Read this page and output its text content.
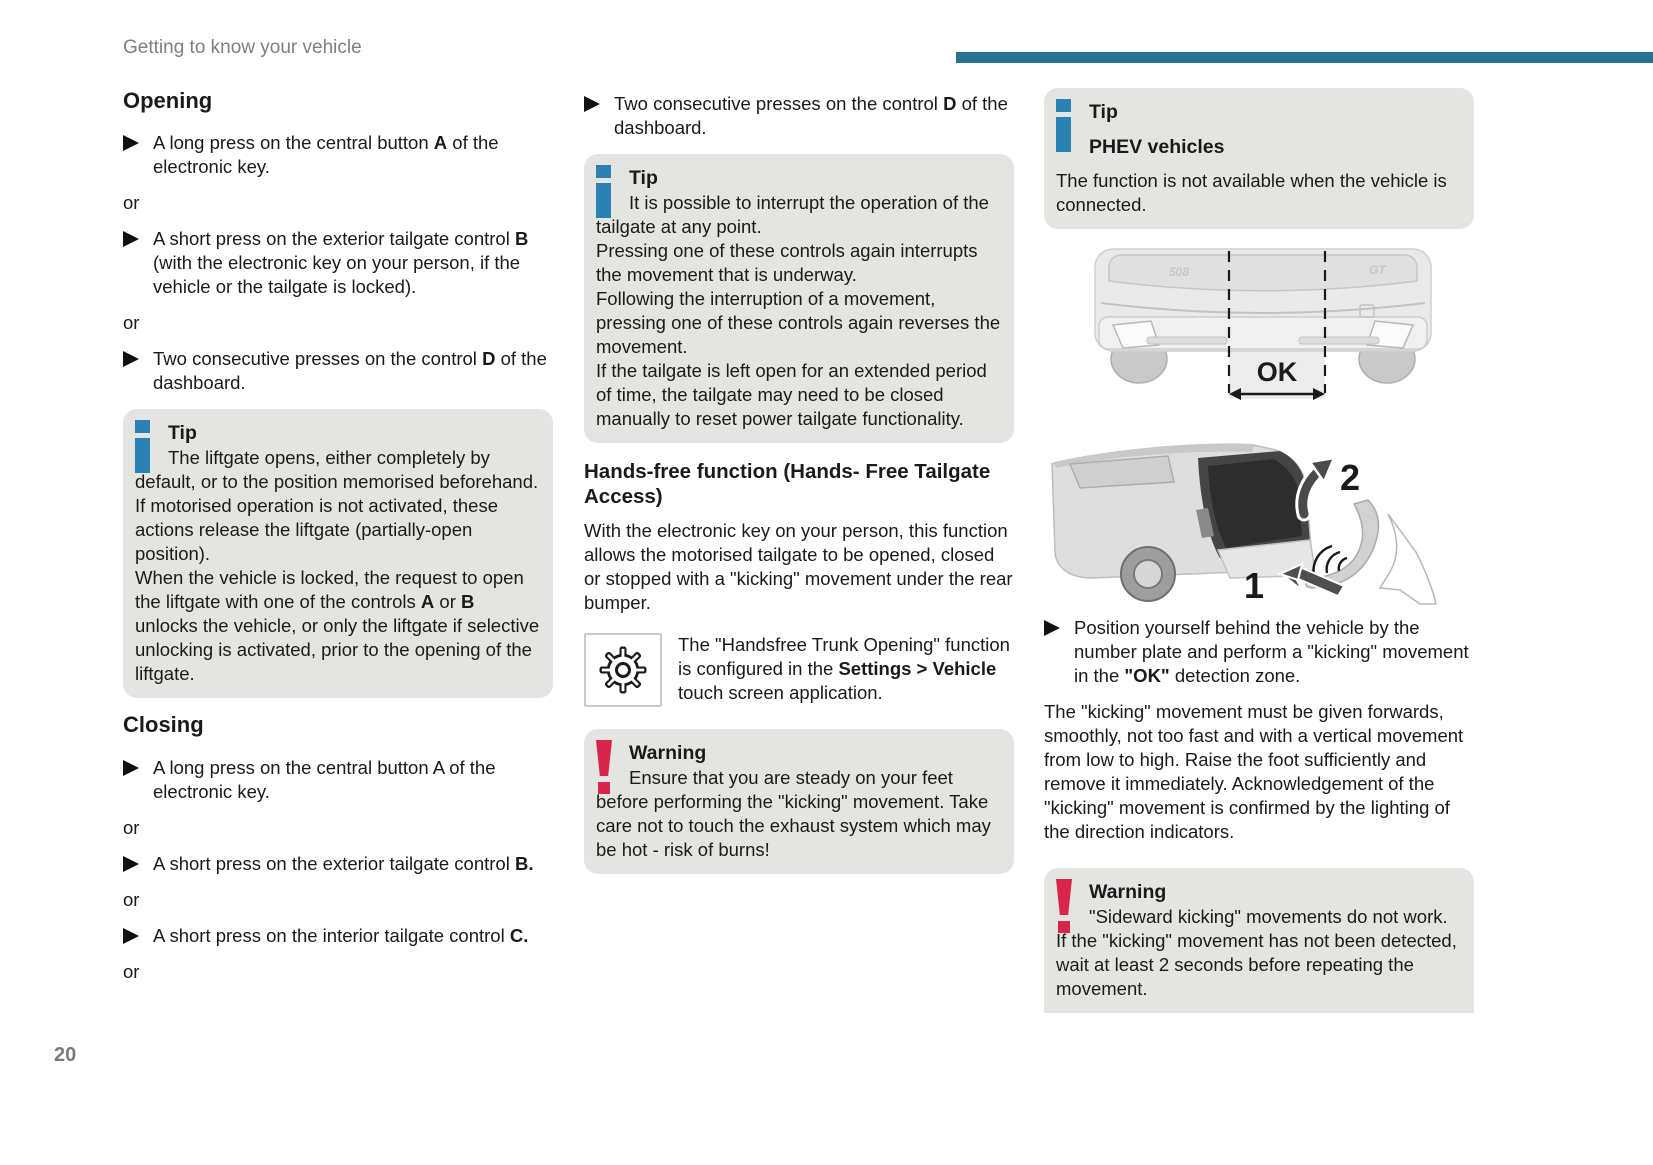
Getting to know your vehicle
Opening
A long press on the central button A of the electronic key.
or
A short press on the exterior tailgate control B (with the electronic key on your person, if the vehicle or the tailgate is locked).
or
Two consecutive presses on the control D of the dashboard.
Tip
The liftgate opens, either completely by default, or to the position memorised beforehand.
If motorised operation is not activated, these actions release the liftgate (partially-open position).
When the vehicle is locked, the request to open the liftgate with one of the controls A or B unlocks the vehicle, or only the liftgate if selective unlocking is activated, prior to the opening of the liftgate.
Closing
A long press on the central button A of the electronic key.
or
A short press on the exterior tailgate control B.
or
A short press on the interior tailgate control C.
or
Two consecutive presses on the control D of the dashboard.
Tip
It is possible to interrupt the operation of the tailgate at any point.
Pressing one of these controls again interrupts the movement that is underway.
Following the interruption of a movement, pressing one of these controls again reverses the movement.
If the tailgate is left open for an extended period of time, the tailgate may need to be closed manually to reset power tailgate functionality.
Hands-free function (Hands- Free Tailgate Access)

With the electronic key on your person, this function allows the motorised tailgate to be opened, closed or stopped with a "kicking" movement under the rear bumper.

The "Handsfree Trunk Opening" function is configured in the Settings > Vehicle touch screen application.

Warning
Ensure that you are steady on your feet before performing the "kicking" movement. Take care not to touch the exhaust system which may be hot - risk of burns!
Tip
PHEV vehicles
The function is not available when the vehicle is connected.
508	GT
OK
2
1
Position yourself behind the vehicle by the number plate and perform a "kicking" movement in the "OK" detection zone.

The "kicking" movement must be given forwards, smoothly, not too fast and with a vertical movement from low to high. Raise the foot sufficiently and remove it immediately. Acknowledgement of the "kicking" movement is confirmed by the lighting of the direction indicators.

Warning
"Sideward kicking" movements do not work. If the "kicking" movement has not been detected, wait at least 2 seconds before repeating the movement.
20
